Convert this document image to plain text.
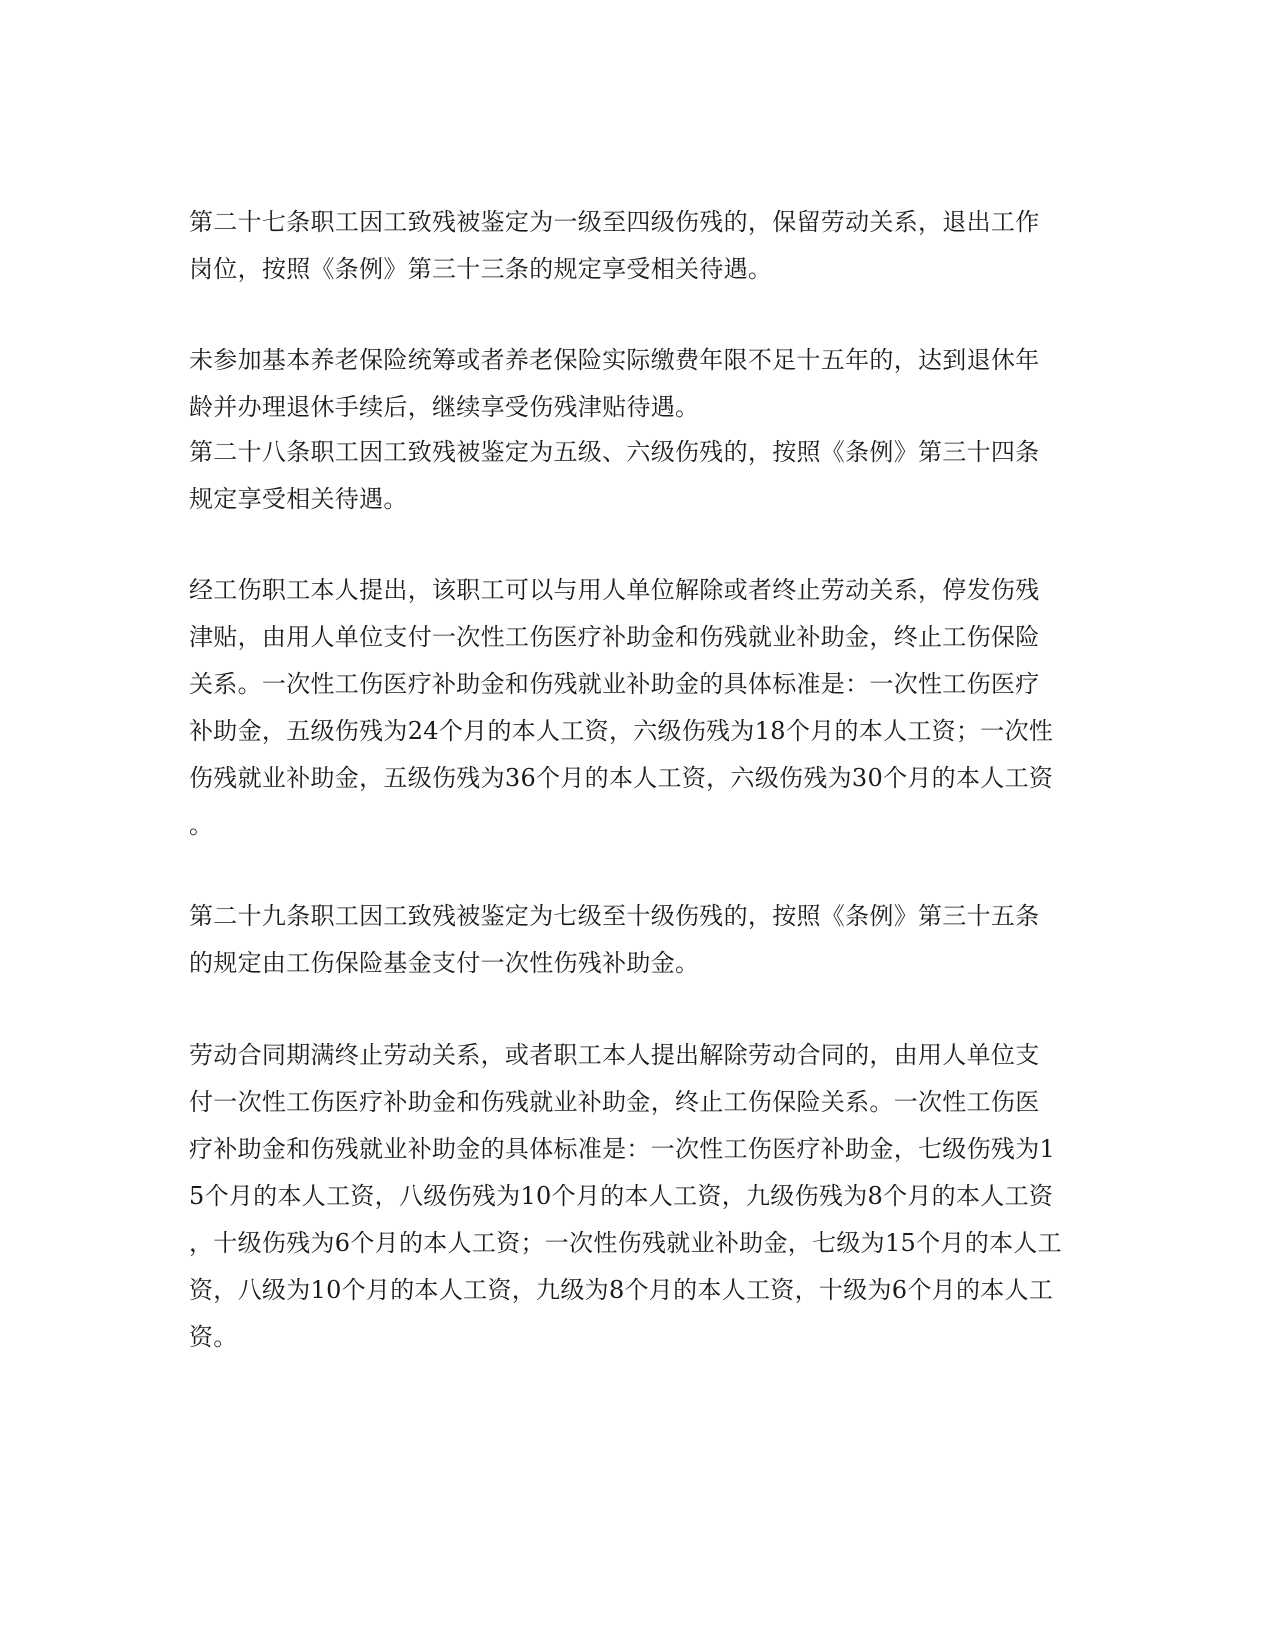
第二十七条职工因工致残被鉴定为一级至四级伤残的，保留劳动关系，退出工作
岗位，按照《条例》第三十三条的规定享受相关待遇。
未参加基本养老保险统筹或者养老保险实际缴费年限不足十五年的，达到退休年
龄并办理退休手续后，继续享受伤残津贴待遇。
第二十八条职工因工致残被鉴定为五级、六级伤残的，按照《条例》第三十四条
规定享受相关待遇。
经工伤职工本人提出，该职工可以与用人单位解除或者终止劳动关系，停发伤残
津贴，由用人单位支付一次性工伤医疗补助金和伤残就业补助金，终止工伤保险
关系。一次性工伤医疗补助金和伤残就业补助金的具体标准是：一次性工伤医疗
补助金，五级伤残为24个月的本人工资，六级伤残为18个月的本人工资；一次性
伤残就业补助金，五级伤残为36个月的本人工资，六级伤残为30个月的本人工资
。
第二十九条职工因工致残被鉴定为七级至十级伤残的，按照《条例》第三十五条
的规定由工伤保险基金支付一次性伤残补助金。
劳动合同期满终止劳动关系，或者职工本人提出解除劳动合同的，由用人单位支
付一次性工伤医疗补助金和伤残就业补助金，终止工伤保险关系。一次性工伤医
疗补助金和伤残就业补助金的具体标准是：一次性工伤医疗补助金，七级伤残为1
5个月的本人工资，八级伤残为10个月的本人工资，九级伤残为8个月的本人工资
，十级伤残为6个月的本人工资；一次性伤残就业补助金，七级为15个月的本人工
资，八级为10个月的本人工资，九级为8个月的本人工资，十级为6个月的本人工
资。
